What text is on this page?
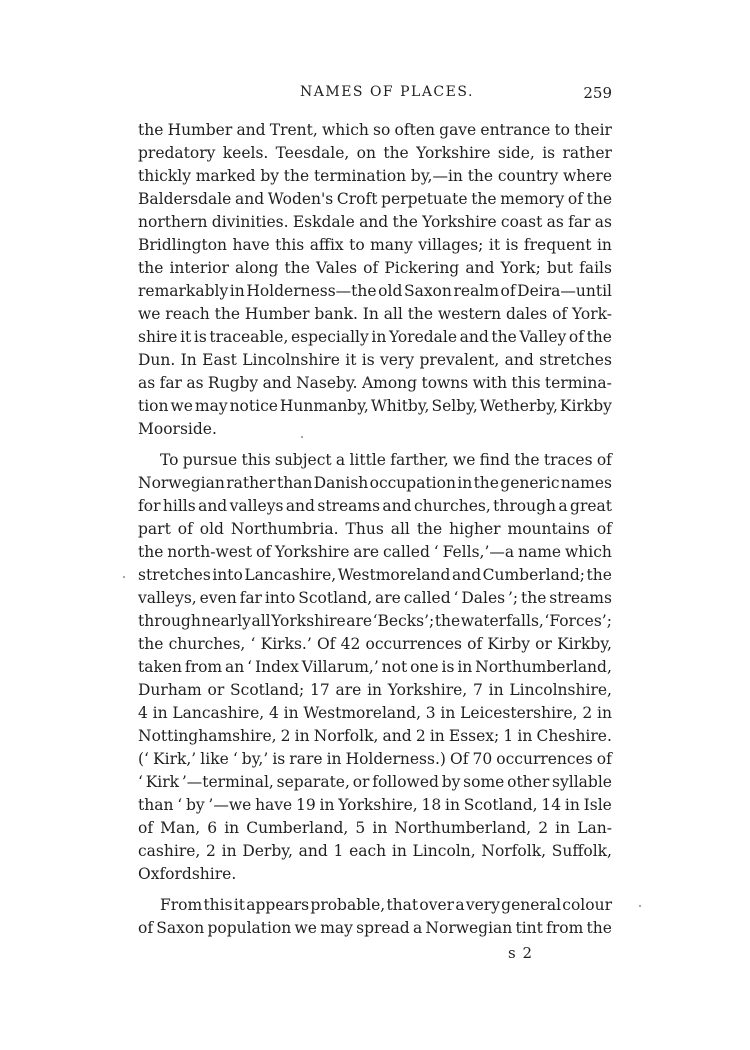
NAMES OF PLACES.	259
the Humber and Trent, which so often gave entrance to their
predatory keels. Teesdale, on the Yorkshire side, is rather
thickly marked by the termination by,—in the country where
Baldersdale and Woden's Croft perpetuate the memory of the
northern divinities. Eskdale and the Yorkshire coast as far as
Bridlington have this affix to many villages; it is frequent in
the interior along the Vales of Pickering and York; but fails
remarkably in Holderness—the old Saxon realm of Deira—until
we reach the Humber bank. In all the western dales of York-
shire it is traceable, especially in Yoredale and the Valley of the
Dun. In East Lincolnshire it is very prevalent, and stretches
as far as Rugby and Naseby. Among towns with this termina-
tion we may notice Hunmanby, Whitby, Selby, Wetherby, Kirkby
Moorside.
To pursue this subject a little farther, we find the traces of
Norwegian rather than Danish occupation in the generic names
for hills and valleys and streams and churches, through a great
part of old Northumbria. Thus all the higher mountains of
the north-west of Yorkshire are called ‘ Fells,’—a name which
stretches into Lancashire, Westmoreland and Cumberland; the
valleys, even far into Scotland, are called ‘ Dales ’; the streams
through nearly all Yorkshire are ‘Becks’; the waterfalls, ‘Forces’;
the churches, ‘ Kirks.’ Of 42 occurrences of Kirby or Kirkby,
taken from an ‘ Index Villarum,’ not one is in Northumberland,
Durham or Scotland; 17 are in Yorkshire, 7 in Lincolnshire,
4 in Lancashire, 4 in Westmoreland, 3 in Leicestershire, 2 in
Nottinghamshire, 2 in Norfolk, and 2 in Essex; 1 in Cheshire.
(‘ Kirk,’ like ‘ by,’ is rare in Holderness.) Of 70 occurrences of
‘ Kirk ’—terminal, separate, or followed by some other syllable
than ‘ by ’—we have 19 in Yorkshire, 18 in Scotland, 14 in Isle
of Man, 6 in Cumberland, 5 in Northumberland, 2 in Lan-
cashire, 2 in Derby, and 1 each in Lincoln, Norfolk, Suffolk,
Oxfordshire.
From this it appears probable, that over a very general colour
of Saxon population we may spread a Norwegian tint from the
s 2
